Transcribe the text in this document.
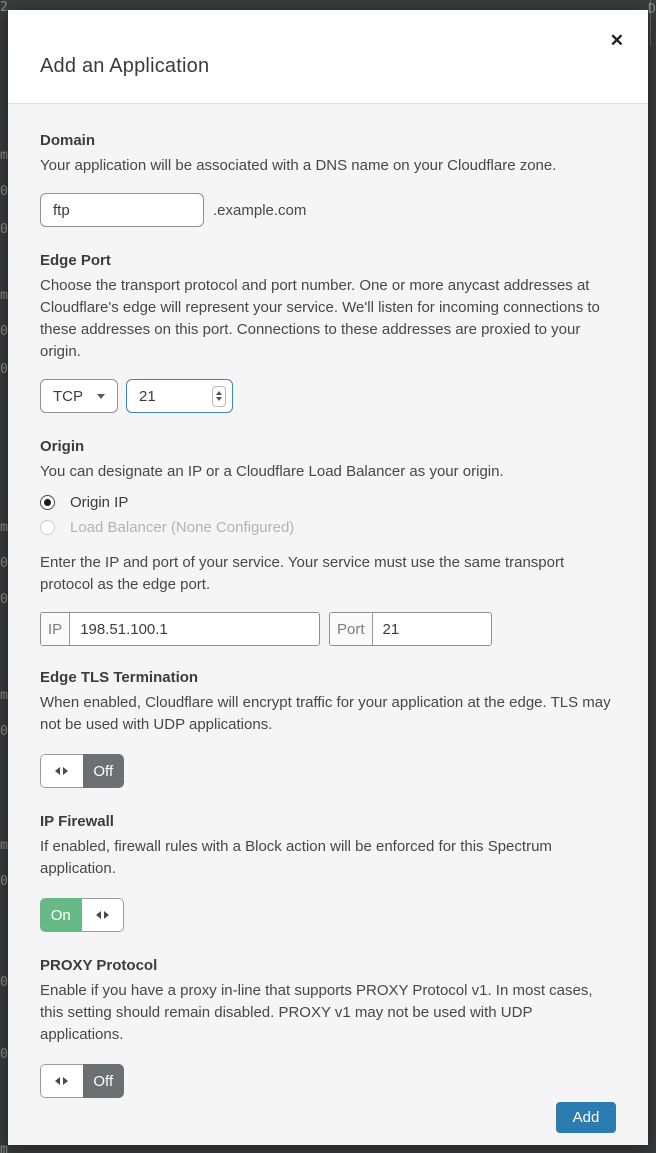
2
m
0
0
m
0
0
m
0
0
m
0
m
0
0
0
m
D
Add an Application
✕
Domain
Your application will be associated with a DNS name on your Cloudflare zone.
ftp
.example.com
Edge Port
Choose the transport protocol and port number. One or more anycast addresses at Cloudflare's edge will represent your service. We'll listen for incoming connections to these addresses on this port. Connections to these addresses are proxied to your origin.
TCP	21
Origin
You can designate an IP or a Cloudflare Load Balancer as your origin.
Origin IP
Load Balancer (None Configured)
Enter the IP and port of your service. Your service must use the same transport protocol as the edge port.
IP
198.51.100.1	Port
21
Edge TLS Termination
When enabled, Cloudflare will encrypt traffic for your application at the edge. TLS may not be used with UDP applications.
Off
IP Firewall
If enabled, firewall rules with a Block action will be enforced for this Spectrum application.
On
PROXY Protocol
Enable if you have a proxy in-line that supports PROXY Protocol v1. In most cases, this setting should remain disabled. PROXY v1 may not be used with UDP applications.
Off
Add
